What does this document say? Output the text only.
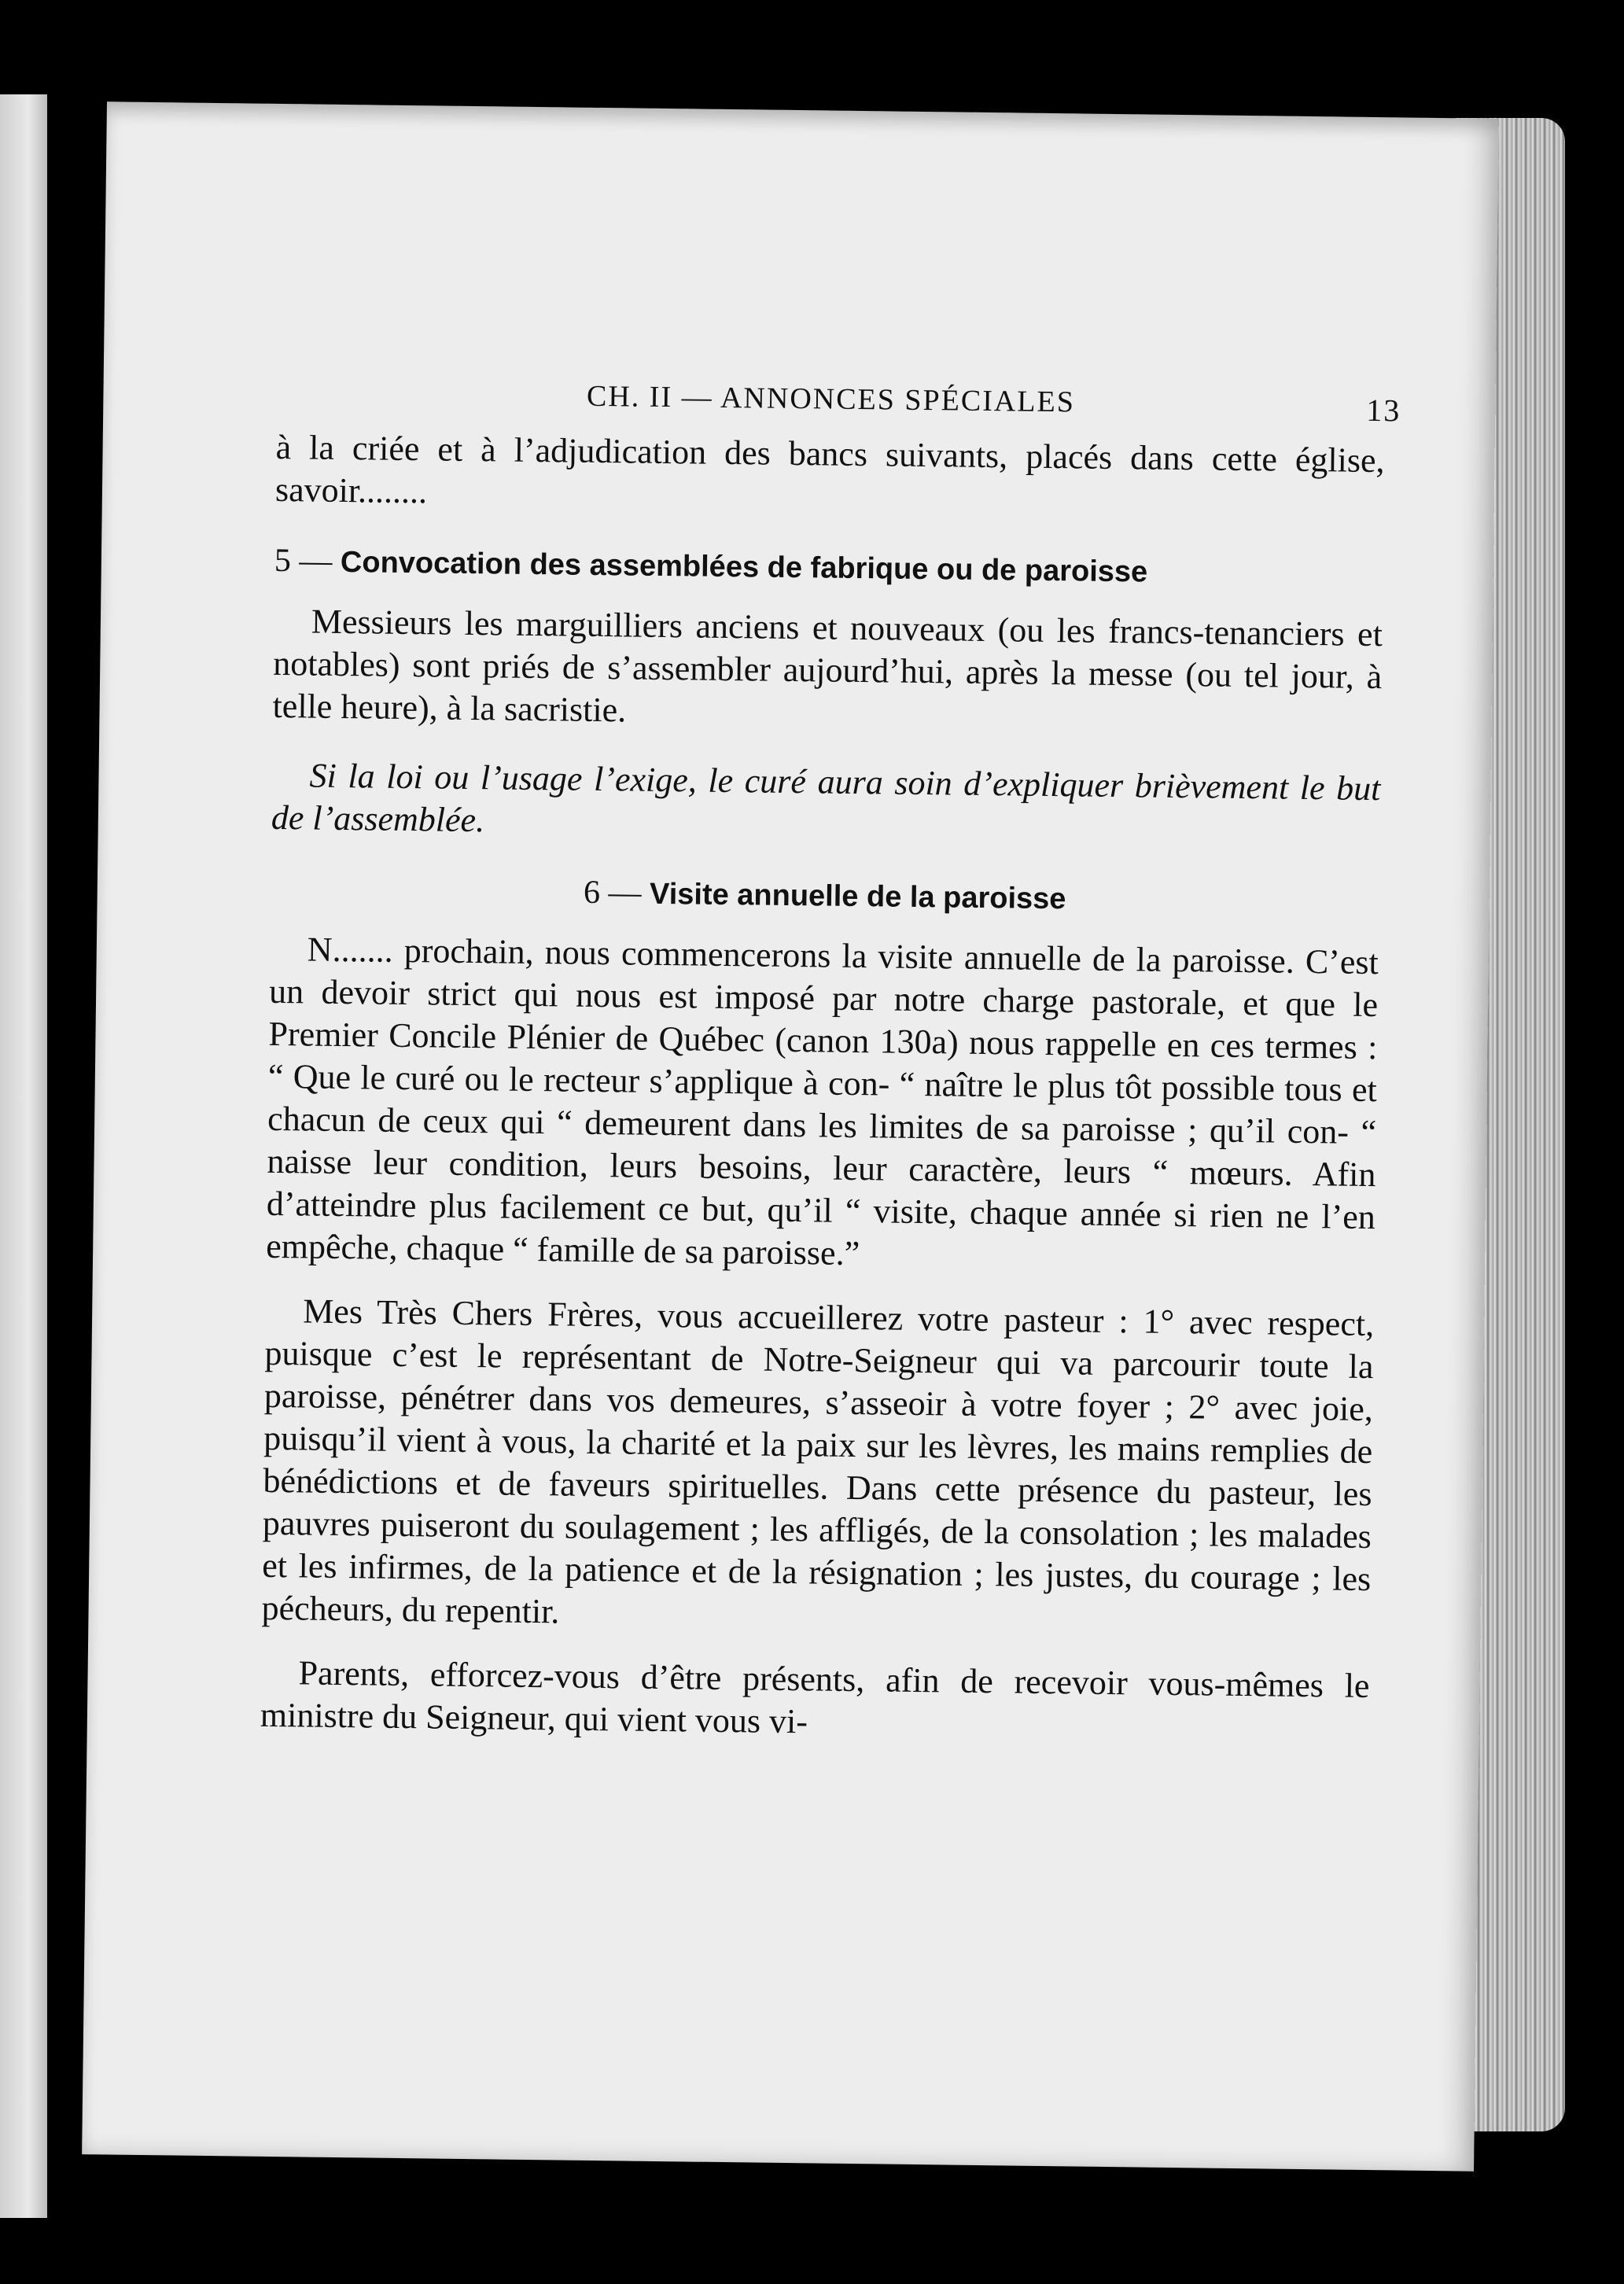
CH. II — ANNONCES SPÉCIALES	13

à la criée et à l’adjudication des bancs suivants, placés dans cette église, savoir........

5 — Convocation des assemblées de fabrique ou de paroisse

Messieurs les marguilliers anciens et nouveaux (ou les francs-tenanciers et notables) sont priés de s’assembler aujourd’hui, après la messe (ou tel jour, à telle heure), à la sacristie.

Si la loi ou l’usage l’exige, le curé aura soin d’expliquer brièvement le but de l’assemblée.

6 — Visite annuelle de la paroisse

N....... prochain, nous commencerons la visite annuelle de la paroisse. C’est un devoir strict qui nous est imposé par notre charge pastorale, et que le Premier Concile Plénier de Québec (canon 130a) nous rappelle en ces termes : “ Que le curé ou le recteur s’applique à con- “ naître le plus tôt possible tous et chacun de ceux qui “ demeurent dans les limites de sa paroisse ; qu’il con- “ naisse leur condition, leurs besoins, leur caractère, leurs “ mœurs. Afin d’atteindre plus facilement ce but, qu’il “ visite, chaque année si rien ne l’en empêche, chaque “ famille de sa paroisse.”

Mes Très Chers Frères, vous accueillerez votre pasteur : 1° avec respect, puisque c’est le représentant de Notre-Seigneur qui va parcourir toute la paroisse, pénétrer dans vos demeures, s’asseoir à votre foyer ; 2° avec joie, puisqu’il vient à vous, la charité et la paix sur les lèvres, les mains remplies de bénédictions et de faveurs spirituelles. Dans cette présence du pasteur, les pauvres puiseront du soulagement ; les affligés, de la consolation ; les malades et les infirmes, de la patience et de la résignation ; les justes, du courage ; les pécheurs, du repentir.

Parents, efforcez-vous d’être présents, afin de recevoir vous-mêmes le ministre du Seigneur, qui vient vous vi-
